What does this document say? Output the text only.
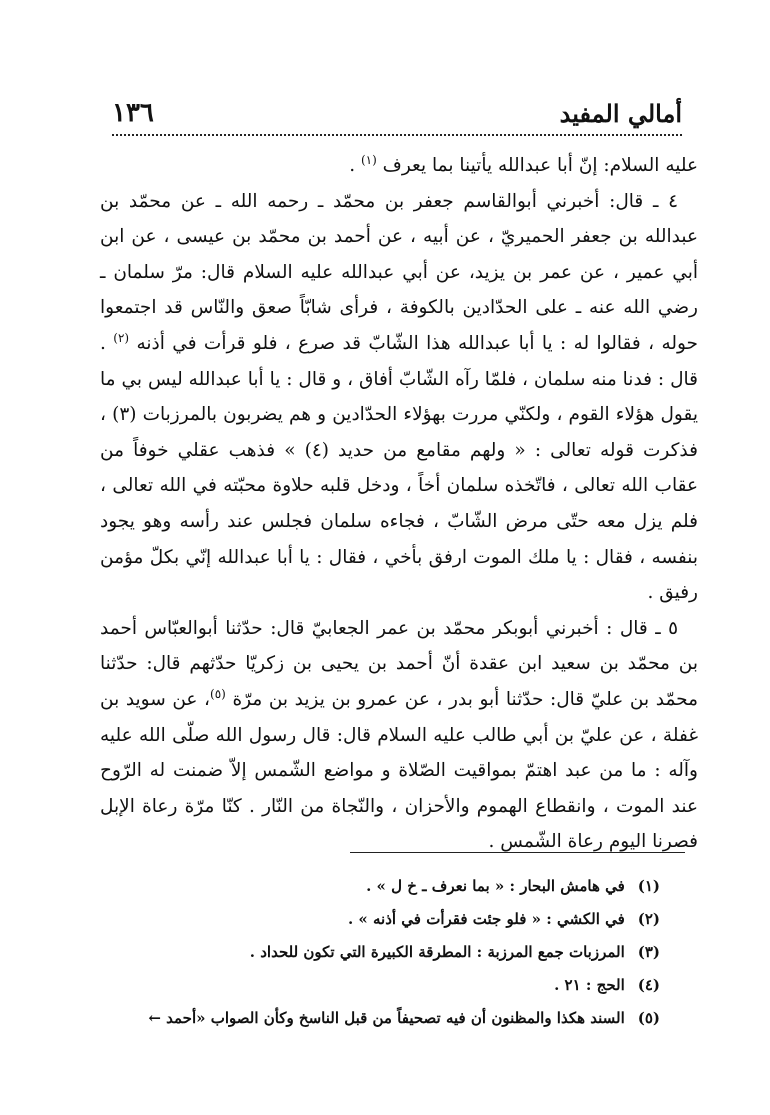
أمالي المفيد
١٣٦

عليه السلام: إنّ أبا عبدالله يأتينا بما يعرف $^{(١)}$ .

٤ ـ قال: أخبرني أبوالقاسم جعفر بن محمّد ـ رحمه الله ـ عن محمّد بن عبدالله بن جعفر الحميريّ ، عن أبيه ، عن أحمد بن محمّد بن عيسى ، عن ابن أبي عمير ، عن عمر بن يزيد، عن أبي عبدالله عليه السلام قال: مرّ سلمان ـ رضي الله عنه ـ على الحدّادين بالكوفة ، فرأى شابّاً صعق والنّاس قد اجتمعوا حوله ، فقالوا له : يا أبا عبدالله هذا الشّابّ قد صرع ، فلو قرأت في أذنه $^{(٢)}$ . قال : فدنا منه سلمان ، فلمّا رآه الشّابّ أفاق ، و قال : يا أبا عبدالله ليس بي ما يقول هؤلاء القوم ، ولكنّي مررت بهؤلاء الحدّادين و هم يضربون بالمرزبات (٣) ، فذكرت قوله تعالى : « ولهم مقامع من حديد (٤) » فذهب عقلي خوفاً من عقاب الله تعالى ، فاتّخذه سلمان أخاً ، ودخل قلبه حلاوة محبّته في الله تعالى ، فلم يزل معه حتّى مرض الشّابّ ، فجاءه سلمان فجلس عند رأسه وهو يجود بنفسه ، فقال : يا ملك الموت ارفق بأخي ، فقال : يا أبا عبدالله إنّي بكلّ مؤمن رفيق .

٥ ـ قال : أخبرني أبوبكر محمّد بن عمر الجعابيّ قال: حدّثنا أبوالعبّاس أحمد بن محمّد بن سعيد ابن عقدة أنّ أحمد بن يحيى بن زكريّا حدّثهم قال: حدّثنا محمّد بن عليّ قال: حدّثنا أبو بدر ، عن عمرو بن يزيد بن مرّة $^{(٥)}$، عن سويد بن غفلة ، عن عليّ بن أبي طالب عليه السلام قال: قال رسول الله صلّى الله عليه وآله : ما من عبد اهتمّ بمواقيت الصّلاة و مواضع الشّمس إلاّ ضمنت له الرّوح عند الموت ، وانقطاع الهموم والأحزان ، والنّجاة من النّار . كنّا مرّة رعاة الإبل فصرنا اليوم رعاة الشّمس .

(١) في هامش البحار : « بما نعرف ـ خ ل » .
(٢) في الكشي : « فلو جئت فقرأت في أذنه » .
(٣) المرزبات جمع المرزبة : المطرقة الكبيرة التي تكون للحداد .
(٤) الحج : ٢١ .
(٥) السند هكذا والمظنون أن فيه تصحيفاً من قبل الناسخ وكأن الصواب «أحمد ←
